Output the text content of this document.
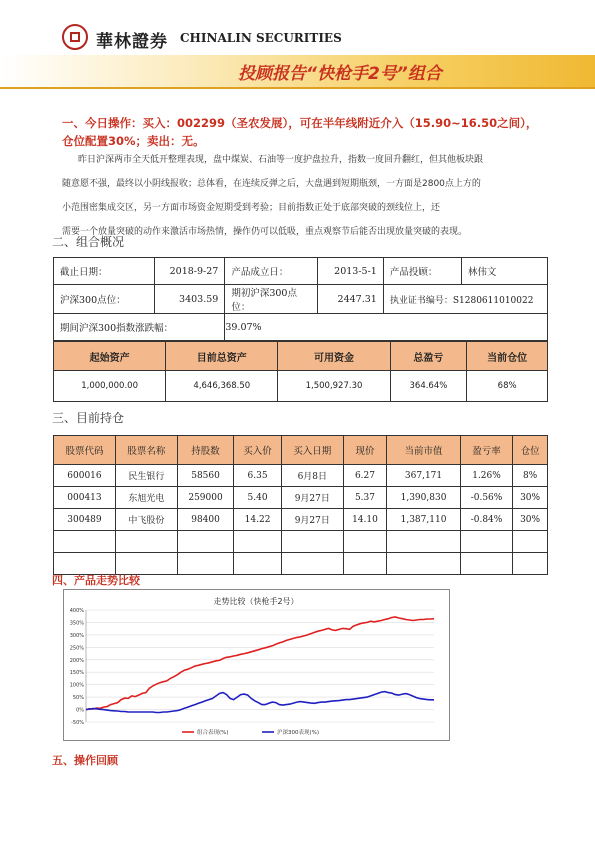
華林證券 CHINALIN SECURITIES
投顾报告“快枪手2号”组合
一、今日操作：买入：002299（圣农发展），可在半年线附近介入（15.90~16.50之间），
仓位配置30%；卖出：无。
昨日沪深两市全天低开整理表现，盘中煤炭、石油等一度护盘拉升，指数一度回升翻红，但其他板块跟
随意愿不强，最终以小阴线报收；总体看，在连续反弹之后，大盘遇到短期瓶颈，一方面是2800点上方的
小范围密集成交区，另一方面市场资金短期受到考验；目前指数正处于底部突破的颈线位上，还
需要一个放量突破的动作来激活市场热情，操作仍可以低吸，重点观察节后能否出现放量突破的表现。
二、组合概况
截止日期：	2018-9-27	产品成立日：	2013-5-1	产品投顾：	林伟文
沪深300点位：	3403.59	期初沪深300点位：	2447.31	执业证书编号：S1280611010022	
期间沪深300指数涨跌幅：		39.07%			
起始资产	目前总资产	可用资金	总盈亏	当前仓位
1,000,000.00	4,646,368.50	1,500,927.30	364.64%	68%
三、目前持仓
股票代码	股票名称	持股数	买入价	买入日期	现价	当前市值	盈亏率	仓位
600016	民生银行	58560	6.35	6月8日	6.27	367,171	1.26%	8%
000413	东旭光电	259000	5.40	9月27日	5.37	1,390,830	-0.56%	30%
300489	中飞股份	98400	14.22	9月27日	14.10	1,387,110	-0.84%	30%

四、产品走势比较
走势比较（快枪手2号）
400%
350%
300%
250%
200%
150%
100%
50%
0%
-50%
组合表现(%)	沪深300表现(%)
五、操作回顾
